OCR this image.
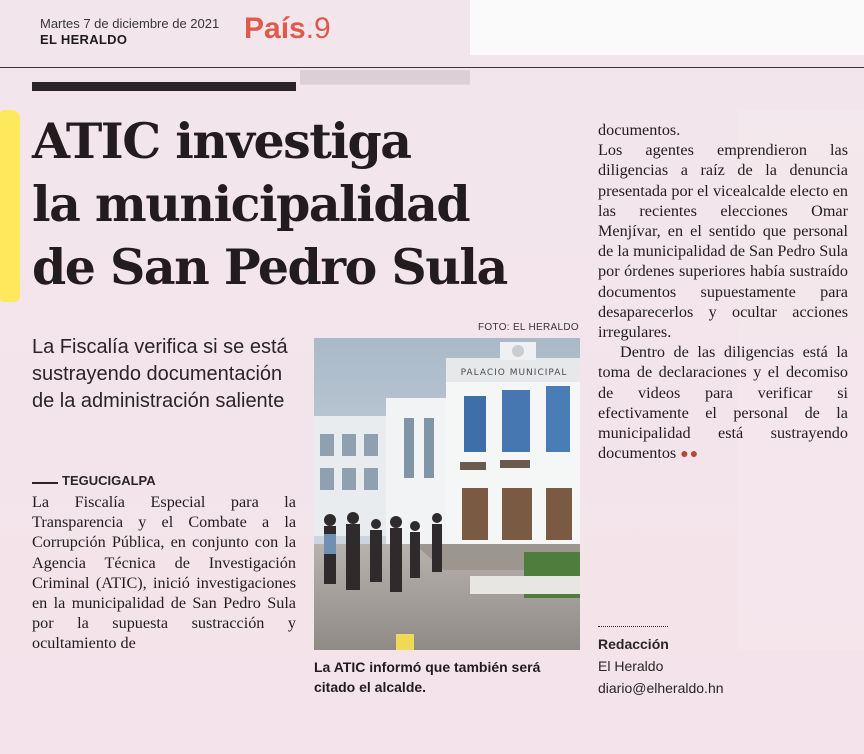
████████████████████
Martes 7 de diciembre de 2021
EL HERALDO	País.9
ATIC investiga
la municipalidad
de San Pedro Sula
La Fiscalía verifica si se está sustrayendo documentación de la administración saliente
TEGUCIGALPA
La Fiscalía Especial para la Transparencia y el Combate a la Corrupción Pública, en conjunto con la Agencia Técnica de Investigación Criminal (ATIC), inició investigaciones en la municipalidad de San Pedro Sula por la supuesta sustracción y ocultamiento de
FOTO: EL HERALDO
PALACIO MUNICIPAL
La ATIC informó que también será citado el alcalde.

documentos.

Los agentes emprendieron las diligencias a raíz de la denuncia presentada por el vicealcalde electo en las recientes elecciones Omar Menjívar, en el sentido que personal de la municipalidad de San Pedro Sula por órdenes superiores había sustraído documentos supuestamente para desaparecerlos y ocultar acciones irregulares.

Dentro de las diligencias está la toma de declaraciones y el decomiso de videos para verificar si efectivamente el personal de la municipalidad está sustrayendo documentos ●●

Redacción
El Heraldo
diario@elheraldo.hn
